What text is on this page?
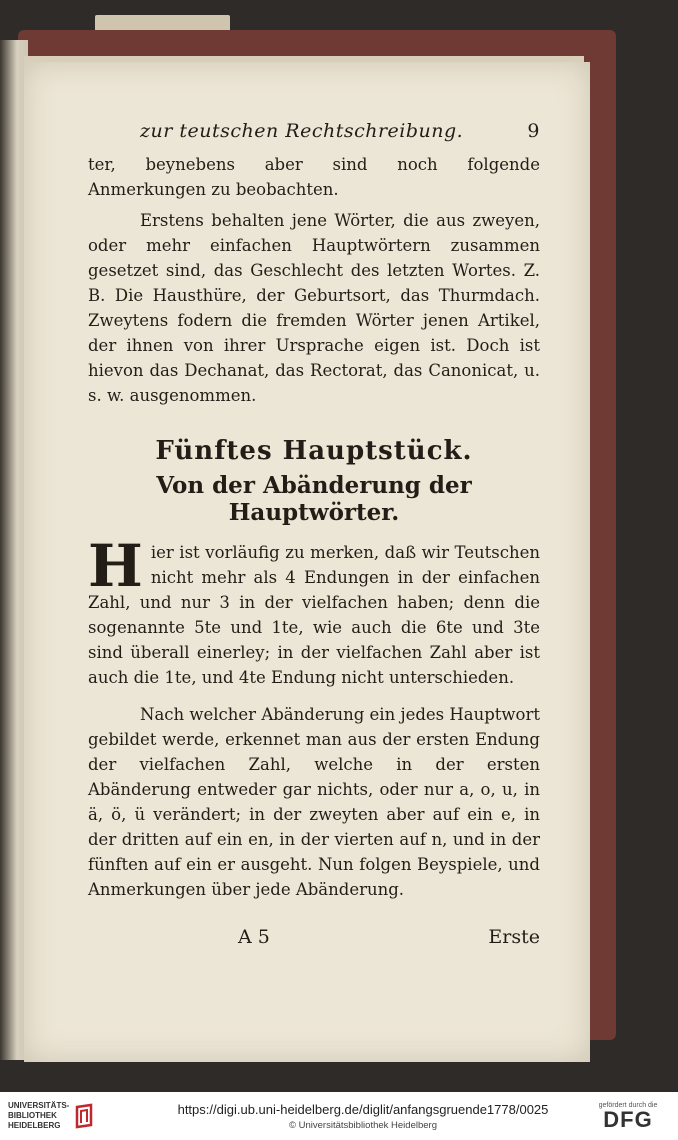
zur teutschen Rechtschreibung.	9

ter, beynebens aber sind noch folgende Anmerkungen zu beobachten.

Erstens behalten jene Wörter, die aus zweyen, oder mehr einfachen Hauptwörtern zusammen gesetzet sind, das Geschlecht des letzten Wortes. Z. B. Die Hausthüre, der Geburtsort, das Thurmdach. Zweytens fodern die fremden Wörter jenen Artikel, der ihnen von ihrer Ursprache eigen ist. Doch ist hievon das Dechanat, das Rectorat, das Canonicat, u. s. w. ausgenommen.

Fünftes Hauptstück.
Von der Abänderung der Hauptwörter.

Hier ist vorläufig zu merken, daß wir Teutschen nicht mehr als 4 Endungen in der einfachen Zahl, und nur 3 in der vielfachen haben; denn die sogenannte 5te und 1te, wie auch die 6te und 3te sind überall einerley; in der vielfachen Zahl aber ist auch die 1te, und 4te Endung nicht unterschieden.

Nach welcher Abänderung ein jedes Hauptwort gebildet werde, erkennet man aus der ersten Endung der vielfachen Zahl, welche in der ersten Abänderung entweder gar nichts, oder nur a, o, u, in ä, ö, ü verändert; in der zweyten aber auf ein e, in der dritten auf ein en, in der vierten auf n, und in der fünften auf ein er ausgeht. Nun folgen Beyspiele, und Anmerkungen über jede Abänderung.

A 5	Erste
UNIVERSITÄTS-
BIBLIOTHEK
HEIDELBERG
https://digi.ub.uni-heidelberg.de/diglit/anfangsgruende1778/0025
© Universitätsbibliothek Heidelberg
gefördert durch die
DFG
